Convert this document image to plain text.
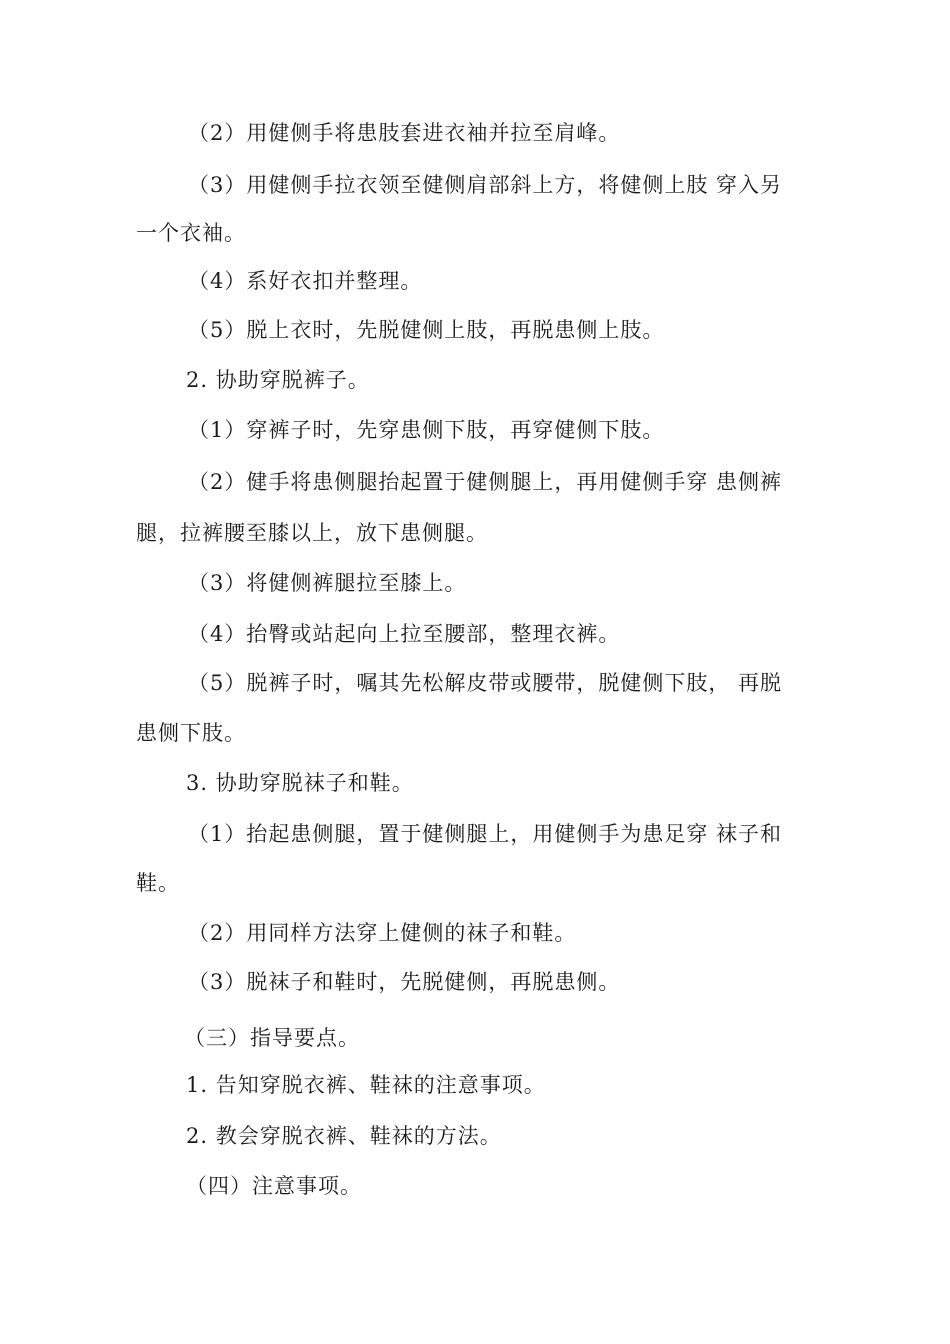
（2）用健侧手将患肢套进衣袖并拉至肩峰。
（3）用健侧手拉衣领至健侧肩部斜上方，将健侧上肢 穿入另
一个衣袖。
（4）系好衣扣并整理。
（5）脱上衣时，先脱健侧上肢，再脱患侧上肢。
2. 协助穿脱裤子。
（1）穿裤子时，先穿患侧下肢，再穿健侧下肢。
（2）健手将患侧腿抬起置于健侧腿上，再用健侧手穿 患侧裤
腿，拉裤腰至膝以上，放下患侧腿。
（3）将健侧裤腿拉至膝上。
（4）抬臀或站起向上拉至腰部，整理衣裤。
（5）脱裤子时，嘱其先松解皮带或腰带，脱健侧下肢， 再脱
患侧下肢。
3. 协助穿脱袜子和鞋。
（1）抬起患侧腿，置于健侧腿上，用健侧手为患足穿 袜子和
鞋。
（2）用同样方法穿上健侧的袜子和鞋。
（3）脱袜子和鞋时，先脱健侧，再脱患侧。
（三）指导要点。
1. 告知穿脱衣裤、鞋袜的注意事项。
2. 教会穿脱衣裤、鞋袜的方法。
（四）注意事项。
